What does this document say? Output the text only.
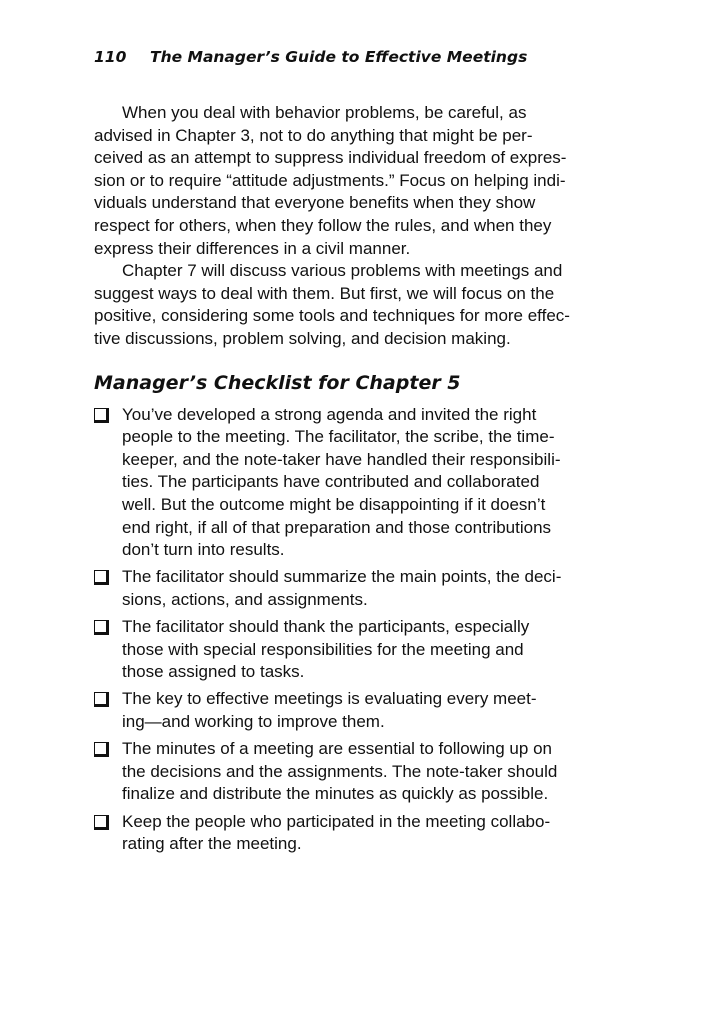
110 The Manager’s Guide to Effective Meetings

When you deal with behavior problems, be careful, as
advised in Chapter 3, not to do anything that might be per-
ceived as an attempt to suppress individual freedom of expres-
sion or to require “attitude adjustments.” Focus on helping indi-
viduals understand that everyone benefits when they show
respect for others, when they follow the rules, and when they
express their differences in a civil manner.

Chapter 7 will discuss various problems with meetings and
suggest ways to deal with them. But first, we will focus on the
positive, considering some tools and techniques for more effec-
tive discussions, problem solving, and decision making.

Manager’s Checklist for Chapter 5
You’ve developed a strong agenda and invited the right
people to the meeting. The facilitator, the scribe, the time-
keeper, and the note-taker have handled their responsibili-
ties. The participants have contributed and collaborated
well. But the outcome might be disappointing if it doesn’t
end right, if all of that preparation and those contributions
don’t turn into results.
The facilitator should summarize the main points, the deci-
sions, actions, and assignments.
The facilitator should thank the participants, especially
those with special responsibilities for the meeting and
those assigned to tasks.
The key to effective meetings is evaluating every meet-
ing—and working to improve them.
The minutes of a meeting are essential to following up on
the decisions and the assignments. The note-taker should
finalize and distribute the minutes as quickly as possible.
Keep the people who participated in the meeting collabo-
rating after the meeting.
